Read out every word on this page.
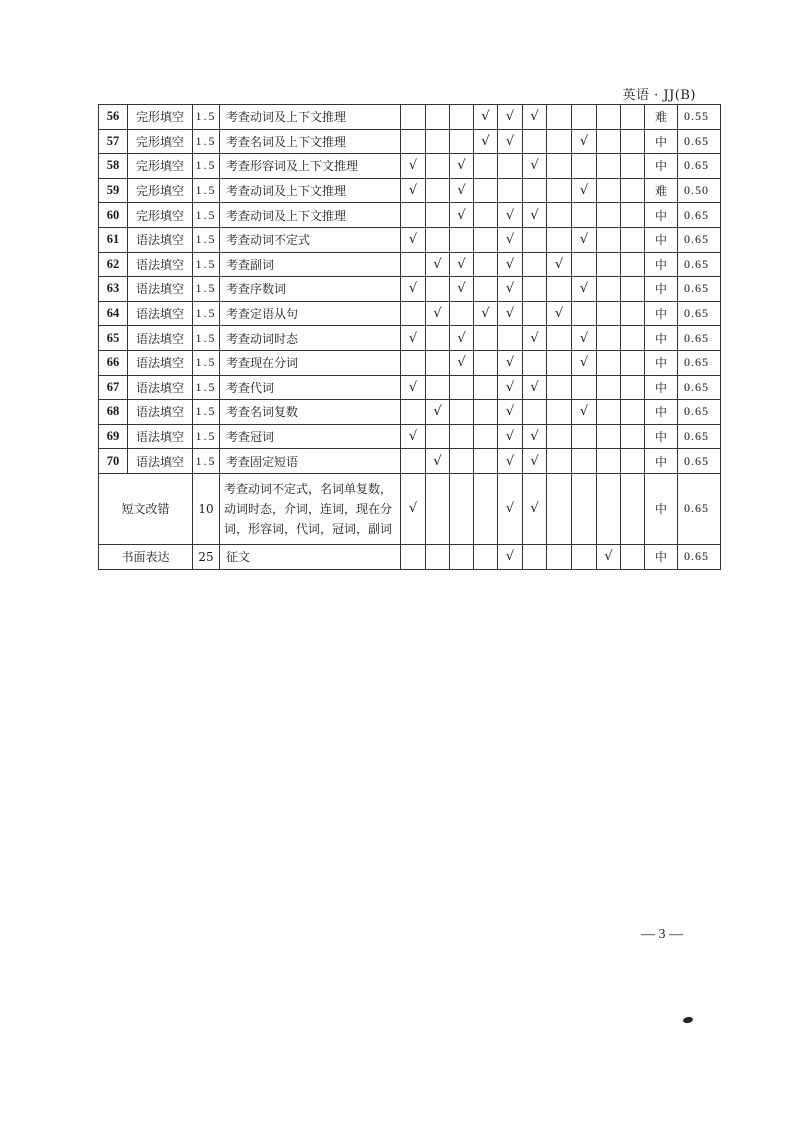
英语 · JJ(B)
56	完形填空	1.5	考查动词及上下文推理				√	√	√					难	0.55
57	完形填空	1.5	考查名词及上下文推理				√	√			√			中	0.65
58	完形填空	1.5	考查形容词及上下文推理	√		√			√					中	0.65
59	完形填空	1.5	考查动词及上下文推理	√		√					√			难	0.50
60	完形填空	1.5	考查动词及上下文推理			√		√	√					中	0.65
61	语法填空	1.5	考查动词不定式	√				√			√			中	0.65
62	语法填空	1.5	考查副词		√	√		√		√				中	0.65
63	语法填空	1.5	考查序数词	√		√		√			√			中	0.65
64	语法填空	1.5	考查定语从句		√		√	√		√				中	0.65
65	语法填空	1.5	考查动词时态	√		√			√		√			中	0.65
66	语法填空	1.5	考查现在分词			√		√			√			中	0.65
67	语法填空	1.5	考查代词	√				√	√					中	0.65
68	语法填空	1.5	考查名词复数		√			√			√			中	0.65
69	语法填空	1.5	考查冠词	√				√	√					中	0.65
70	语法填空	1.5	考查固定短语		√			√	√					中	0.65
短文改错		10	考查动词不定式，名词单复数，动词时态，介词，连词，现在分词，形容词，代词，冠词，副词	√				√	√					中	0.65
书面表达		25	征文					√				√		中	0.65
— 3 —
